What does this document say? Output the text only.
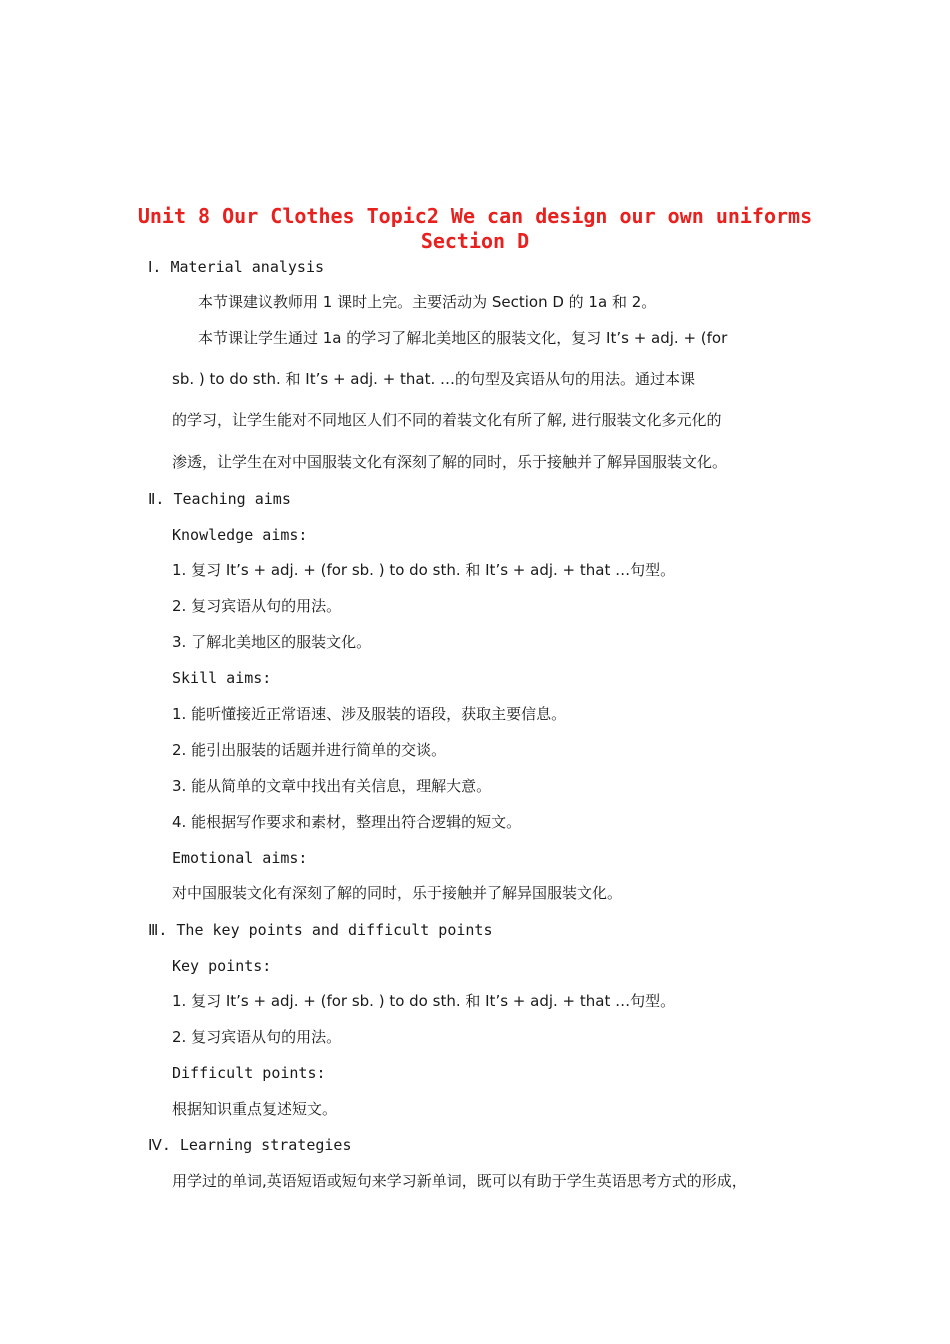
Unit 8 Our Clothes Topic2 We can design our own uniforms
Section D
Ⅰ. Material analysis
本节课建议教师用 1 课时上完。主要活动为 Section D 的 1a 和 2。
本节课让学生通过 1a 的学习了解北美地区的服装文化，复习 It’s + adj. + (for
sb. ) to do sth. 和 It’s + adj. + that. …的句型及宾语从句的用法。通过本课
的学习，让学生能对不同地区人们不同的着装文化有所了解, 进行服装文化多元化的
渗透，让学生在对中国服装文化有深刻了解的同时，乐于接触并了解异国服装文化。
Ⅱ. Teaching aims
Knowledge aims:
1. 复习 It’s + adj. + (for sb. ) to do sth. 和 It’s + adj. + that …句型。
2. 复习宾语从句的用法。
3. 了解北美地区的服装文化。
Skill aims:
1. 能听懂接近正常语速、涉及服装的语段，获取主要信息。
2. 能引出服装的话题并进行简单的交谈。
3. 能从简单的文章中找出有关信息，理解大意。
4. 能根据写作要求和素材，整理出符合逻辑的短文。
Emotional aims:
对中国服装文化有深刻了解的同时，乐于接触并了解异国服装文化。
Ⅲ. The key points and difficult points
Key points:
1. 复习 It’s + adj. + (for sb. ) to do sth. 和 It’s + adj. + that …句型。
2. 复习宾语从句的用法。
Difficult points:
根据知识重点复述短文。
Ⅳ. Learning strategies
用学过的单词,英语短语或短句来学习新单词，既可以有助于学生英语思考方式的形成，
